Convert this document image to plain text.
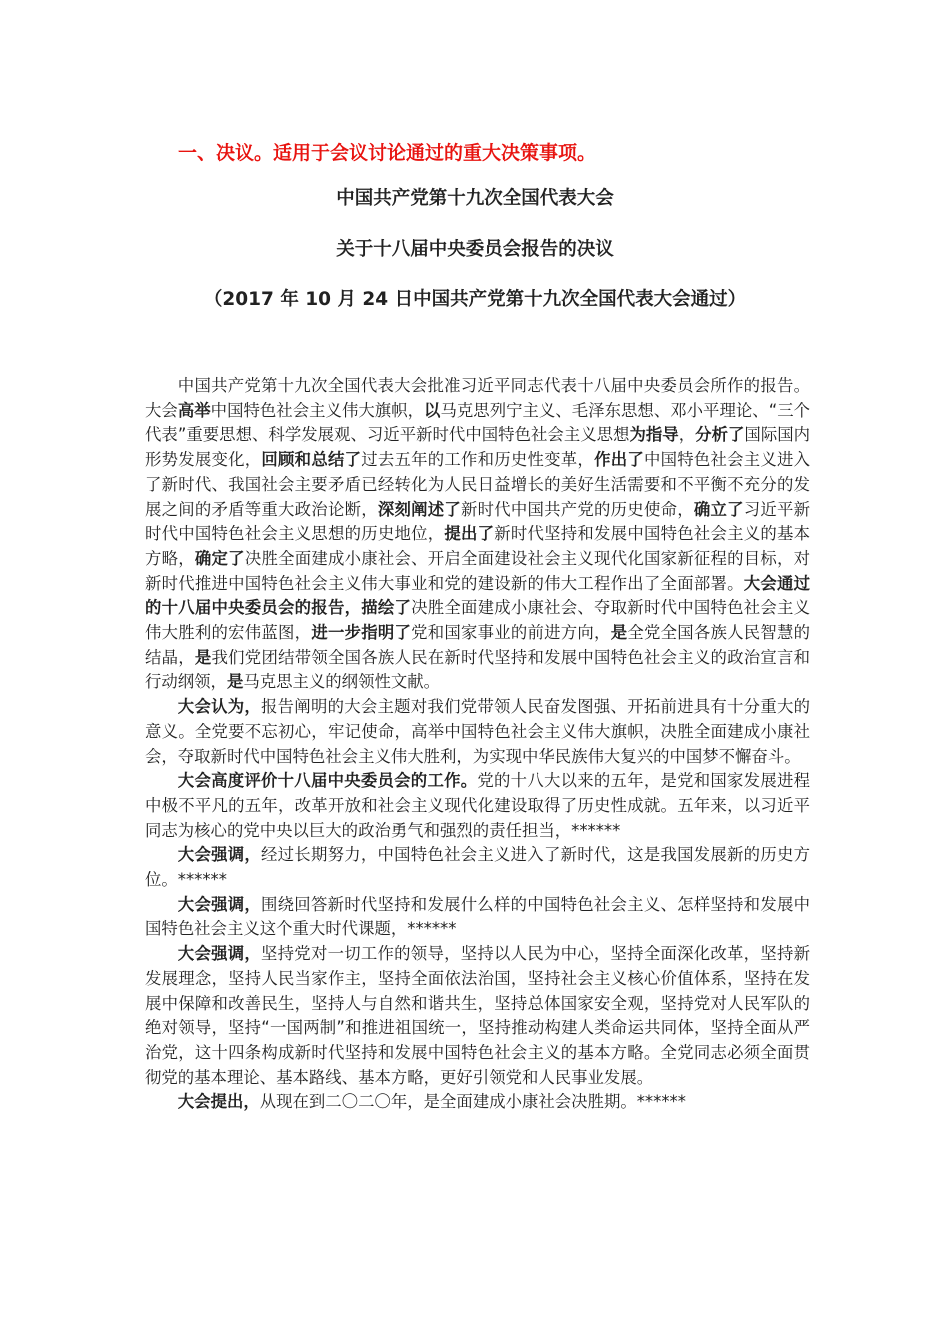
一、决议。适用于会议讨论通过的重大决策事项。
中国共产党第十九次全国代表大会
关于十八届中央委员会报告的决议
（2017 年 10 月 24 日中国共产党第十九次全国代表大会通过）

中国共产党第十九次全国代表大会批准习近平同志代表十八届中央委员会所作的报告。大会高举中国特色社会主义伟大旗帜，以马克思列宁主义、毛泽东思想、邓小平理论、“三个代表”重要思想、科学发展观、习近平新时代中国特色社会主义思想为指导，分析了国际国内形势发展变化，回顾和总结了过去五年的工作和历史性变革，作出了中国特色社会主义进入了新时代、我国社会主要矛盾已经转化为人民日益增长的美好生活需要和不平衡不充分的发展之间的矛盾等重大政治论断，深刻阐述了新时代中国共产党的历史使命，确立了习近平新时代中国特色社会主义思想的历史地位，提出了新时代坚持和发展中国特色社会主义的基本方略，确定了决胜全面建成小康社会、开启全面建设社会主义现代化国家新征程的目标，对新时代推进中国特色社会主义伟大事业和党的建设新的伟大工程作出了全面部署。大会通过的十八届中央委员会的报告，描绘了决胜全面建成小康社会、夺取新时代中国特色社会主义伟大胜利的宏伟蓝图，进一步指明了党和国家事业的前进方向，是全党全国各族人民智慧的结晶，是我们党团结带领全国各族人民在新时代坚持和发展中国特色社会主义的政治宣言和行动纲领，是马克思主义的纲领性文献。

大会认为，报告阐明的大会主题对我们党带领人民奋发图强、开拓前进具有十分重大的意义。全党要不忘初心，牢记使命，高举中国特色社会主义伟大旗帜，决胜全面建成小康社会，夺取新时代中国特色社会主义伟大胜利，为实现中华民族伟大复兴的中国梦不懈奋斗。

大会高度评价十八届中央委员会的工作。党的十八大以来的五年，是党和国家发展进程中极不平凡的五年，改革开放和社会主义现代化建设取得了历史性成就。五年来，以习近平同志为核心的党中央以巨大的政治勇气和强烈的责任担当，******

大会强调，经过长期努力，中国特色社会主义进入了新时代，这是我国发展新的历史方位。******

大会强调，围绕回答新时代坚持和发展什么样的中国特色社会主义、怎样坚持和发展中国特色社会主义这个重大时代课题，******

大会强调，坚持党对一切工作的领导，坚持以人民为中心，坚持全面深化改革，坚持新发展理念，坚持人民当家作主，坚持全面依法治国，坚持社会主义核心价值体系，坚持在发展中保障和改善民生，坚持人与自然和谐共生，坚持总体国家安全观，坚持党对人民军队的绝对领导，坚持“一国两制”和推进祖国统一，坚持推动构建人类命运共同体，坚持全面从严治党，这十四条构成新时代坚持和发展中国特色社会主义的基本方略。全党同志必须全面贯彻党的基本理论、基本路线、基本方略，更好引领党和人民事业发展。

大会提出，从现在到二〇二〇年，是全面建成小康社会决胜期。******
